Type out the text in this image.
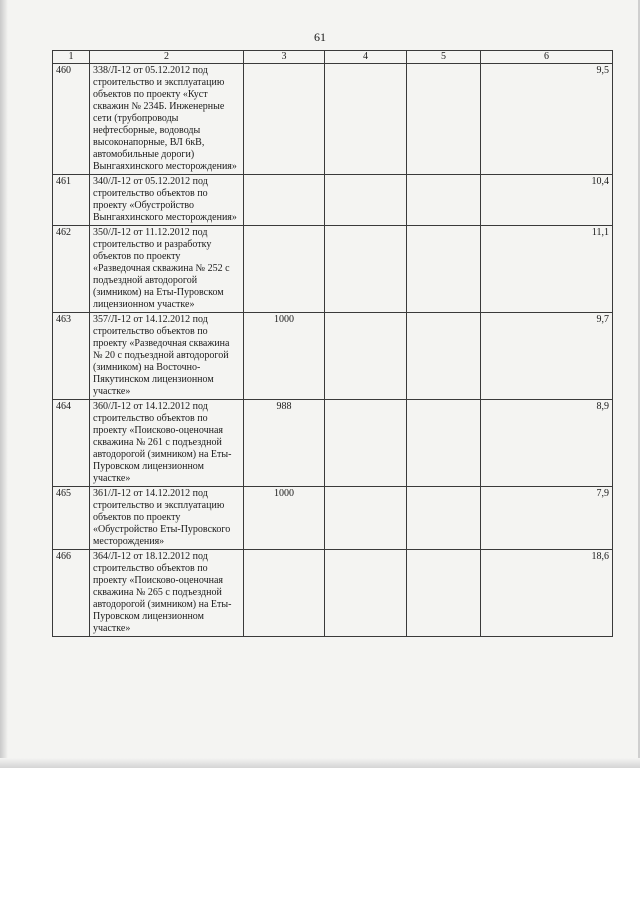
61
1	2	3	4	5	6
460	338/Л-12 от 05.12.2012 под строительство и эксплуатацию объектов по проекту «Куст скважин № 234Б. Инженерные сети (трубопроводы нефтесборные, водоводы высоконапорные, ВЛ 6кВ, автомобильные дороги) Вынгаяхинского месторождения»				9,5
461	340/Л-12 от 05.12.2012 под строительство объектов по проекту «Обустройство Вынгаяхинского месторождения»				10,4
462	350/Л-12 от 11.12.2012 под строительство и разработку объектов по проекту «Разведочная скважина № 252 с подъездной автодорогой (зимником) на Еты-Пуровском лицензионном участке»				11,1
463	357/Л-12 от 14.12.2012 под строительство объектов по проекту «Разведочная скважина № 20 с подъездной автодорогой (зимником) на Восточно-Пякутинском лицензионном участке»	1000			9,7
464	360/Л-12 от 14.12.2012 под строительство объектов по проекту «Поисково-оценочная скважина № 261 с подъездной автодорогой (зимником) на Еты-Пуровском лицензионном участке»	988			8,9
465	361/Л-12 от 14.12.2012 под строительство и эксплуатацию объектов по проекту «Обустройство Еты-Пуровского месторождения»	1000			7,9
466	364/Л-12 от 18.12.2012 под строительство объектов по проекту «Поисково-оценочная скважина № 265 с подъездной автодорогой (зимником) на Еты-Пуровском лицензионном участке»				18,6
